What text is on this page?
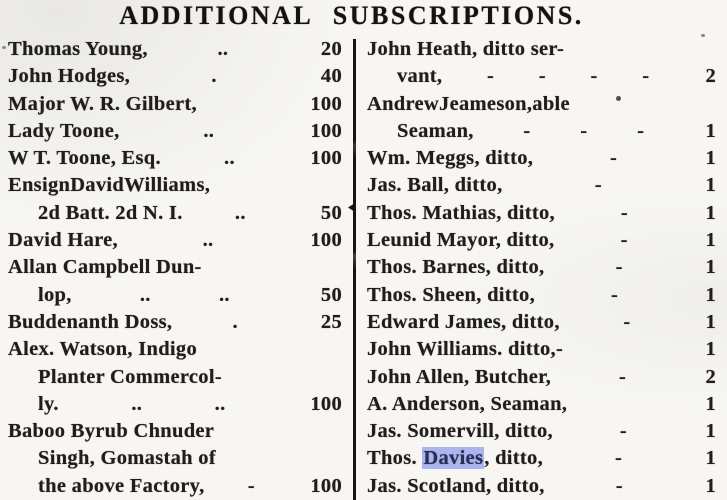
ADDITIONAL SUBSCRIPTIONS.
Thomas Young,	..	20
John Hodges,	.	40
Major W. R. Gilbert,	100
Lady Toone,	..	100
W T. Toone, Esq.	..	100
EnsignDavidWilliams,
2d Batt. 2d N. I.	..	50
David Hare,	..	100
Allan Campbell Dun-
lop,	..	..	50
Buddenanth Doss,	.	25
Alex. Watson, Indigo
Planter Commercol-
ly.	..	..	100
Baboo Byrub Chnuder
Singh, Gomastah of
the above Factory, -	100
John Heath, ditto ser-
vant, - - - -	2
AndrewJeameson,able
Seaman, - - -	1
Wm. Meggs, ditto,	-	1
Jas. Ball, ditto,	-	1
Thos. Mathias, ditto,	-	1
Leunid Mayor, ditto,	-	1
Thos. Barnes, ditto,	-	1
Thos. Sheen, ditto,	-	1
Edward James, ditto,	-	1
John Williams. ditto,-	1
John Allen, Butcher,	-	2
A. Anderson, Seaman,	1
Jas. Somervill, ditto,	-	1
Thos. Davies, ditto,	-	1
Jas. Scotland, ditto,	-	1
